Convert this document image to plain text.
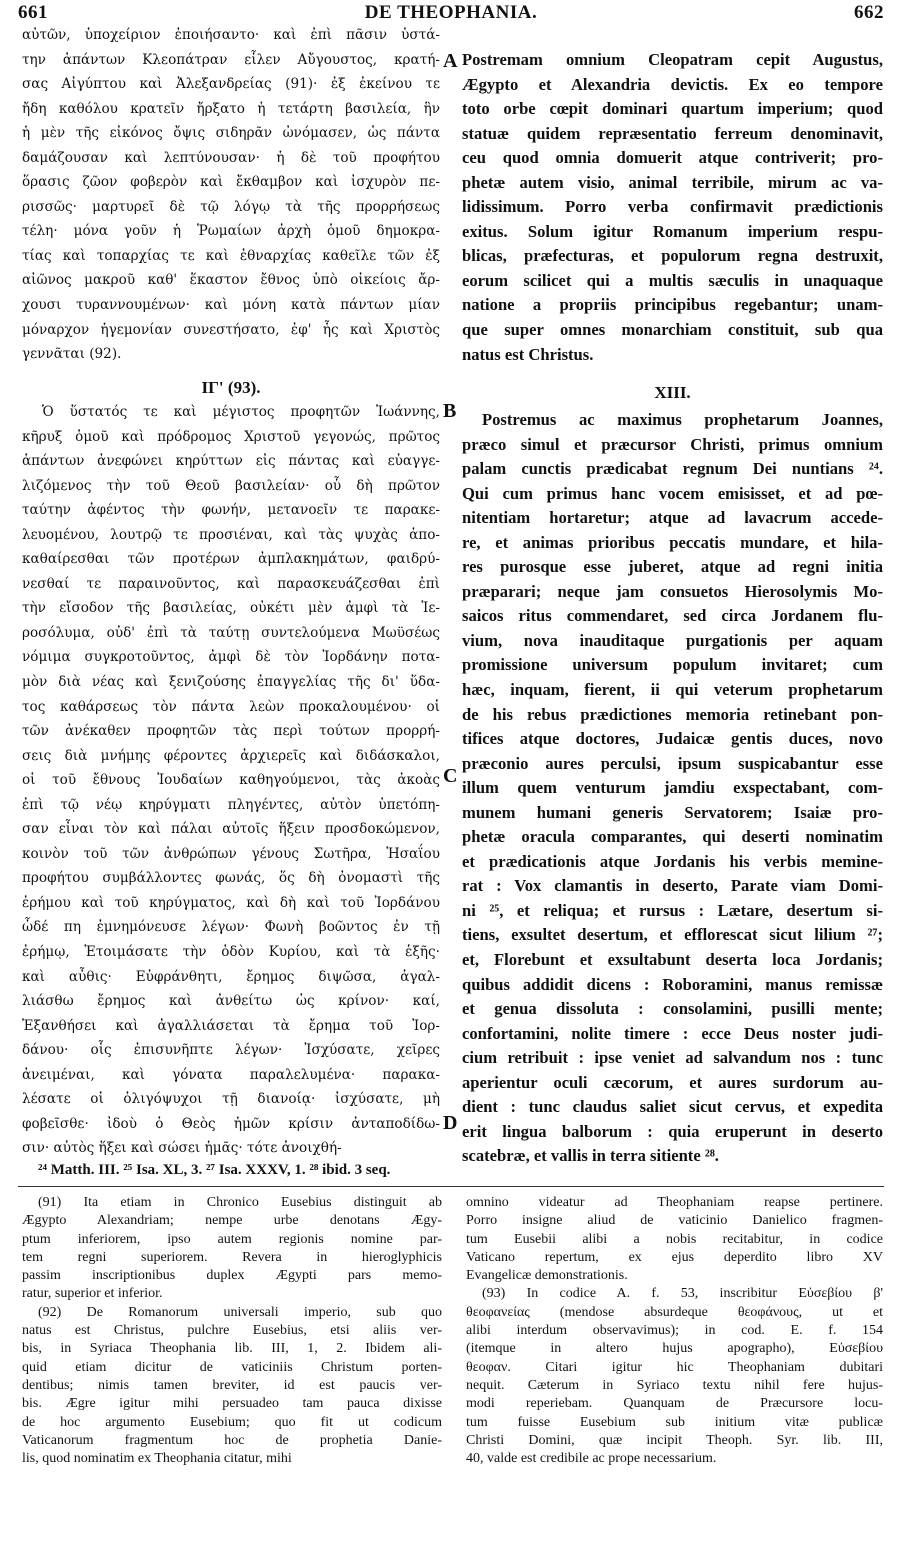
661	DE THEOPHANIA.	662
αὐτῶν, ὑποχείριον ἐποιήσαντο· καὶ ἐπὶ πᾶσιν ὑστά-
την ἁπάντων Κλεοπάτραν εἷλεν Αὔγουστος, κρατή-
σας Αἰγύπτου καὶ Ἀλεξανδρείας (91)· ἐξ ἐκείνου τε
ἤδη καθόλου κρατεῖν ἤρξατο ἡ τετάρτη βασιλεία, ἣν
ἡ μὲν τῆς εἰκόνος ὄψις σιδηρᾶν ὠνόμασεν, ὡς πάντα
δαμάζουσαν καὶ λεπτύνουσαν· ἡ δὲ τοῦ προφήτου
ὅρασις ζῶον φοβερὸν καὶ ἔκθαμβον καὶ ἰσχυρὸν πε-
ρισσῶς· μαρτυρεῖ δὲ τῷ λόγῳ τὰ τῆς προρρήσεως
τέλη· μόνα γοῦν ἡ Ῥωμαίων ἀρχὴ ὁμοῦ δημοκρα-
τίας καὶ τοπαρχίας τε καὶ ἐθναρχίας καθεῖλε τῶν ἐξ
αἰῶνος μακροῦ καθ' ἕκαστον ἔθνος ὑπὸ οἰκείοις ἄρ-
χουσι τυραννουμένων· καὶ μόνη κατὰ πάντων μίαν
μόναρχον ἡγεμονίαν συνεστήσατο, ἐφ' ἧς καὶ Χριστὸς
γεννᾶται (92).
IΓ' (93).
Ὁ ὕστατός τε καὶ μέγιστος προφητῶν Ἰωάννης,
κῆρυξ ὁμοῦ καὶ πρόδρομος Χριστοῦ γεγονώς, πρῶτος
ἁπάντων ἀνεφώνει κηρύττων εἰς πάντας καὶ εὐαγγε-
λιζόμενος τὴν τοῦ Θεοῦ βασιλείαν· οὗ δὴ πρῶτον
ταύτην ἀφέντος τὴν φωνήν, μετανοεῖν τε παρακε-
λευομένου, λουτρῷ τε προσιέναι, καὶ τὰς ψυχὰς ἀπο-
καθαίρεσθαι τῶν προτέρων ἀμπλακημάτων, φαιδρύ-
νεσθαί τε παραινοῦντος, καὶ παρασκευάζεσθαι ἐπὶ
τὴν εἴσοδον τῆς βασιλείας, οὐκέτι μὲν ἀμφὶ τὰ Ἱε-
ροσόλυμα, οὐδ' ἐπὶ τὰ ταύτῃ συντελούμενα Μωϋσέως
νόμιμα συγκροτοῦντος, ἀμφὶ δὲ τὸν Ἰορδάνην ποτα-
μὸν διὰ νέας καὶ ξενιζούσης ἐπαγγελίας τῆς δι' ὕδα-
τος καθάρσεως τὸν πάντα λεὼν προκαλουμένου· οἱ
τῶν ἀνέκαθεν προφητῶν τὰς περὶ τούτων προρρή-
σεις διὰ μνήμης φέροντες ἀρχιερεῖς καὶ διδάσκαλοι,
οἱ τοῦ ἔθνους Ἰουδαίων καθηγούμενοι, τὰς ἀκοὰς
ἐπὶ τῷ νέῳ κηρύγματι πληγέντες, αὐτὸν ὑπετόπη-
σαν εἶναι τὸν καὶ πάλαι αὐτοῖς ἥξειν προσδοκώμενον,
κοινὸν τοῦ τῶν ἀνθρώπων γένους Σωτῆρα, Ἡσαΐου
προφήτου συμβάλλοντες φωνάς, ὅς δὴ ὀνομαστὶ τῆς
ἐρήμου καὶ τοῦ κηρύγματος, καὶ δὴ καὶ τοῦ Ἰορδάνου
ὧδέ πη ἐμνημόνευσε λέγων· Φωνὴ βοῶντος ἐν τῇ
ἐρήμῳ, Ἑτοιμάσατε τὴν ὁδὸν Κυρίου, καὶ τὰ ἑξῆς·
καὶ αὖθις· Εὐφράνθητι, ἔρημος διψῶσα, ἀγαλ-
λιάσθω ἔρημος καὶ ἀνθείτω ὡς κρίνον· καί,
Ἐξανθήσει καὶ ἀγαλλιάσεται τὰ ἔρημα τοῦ Ἰορ-
δάνου· οἷς ἐπισυνῆπτε λέγων· Ἰσχύσατε, χεῖρες
ἀνειμέναι, καὶ γόνατα παραλελυμένα· παρακα-
λέσατε οἱ ὀλιγόψυχοι τῇ διανοίᾳ· ἰσχύσατε, μὴ
φοβεῖσθε· ἰδοὺ ὁ Θεὸς ἡμῶν κρίσιν ἀνταποδίδω-
σιν· αὐτὸς ἥξει καὶ σώσει ἡμᾶς· τότε ἀνοιχθή-
Postremam omnium Cleopatram cepit Augustus,
Ægypto et Alexandria devictis. Ex eo tempore
toto orbe cœpit dominari quartum imperium; quod
statuæ quidem repræsentatio ferreum denominavit,
ceu quod omnia domuerit atque contriverit; pro-
phetæ autem visio, animal terribile, mirum ac va-
lidissimum. Porro verba confirmavit prædictionis
exitus. Solum igitur Romanum imperium respu-
blicas, præfecturas, et populorum regna destruxit,
eorum scilicet qui a multis sæculis in unaquaque
natione a propriis principibus regebantur; unam-
que super omnes monarchiam constituit, sub qua
natus est Christus.
XIII.
Postremus ac maximus prophetarum Joannes,
præco simul et præcursor Christi, primus omnium
palam cunctis prædicabat regnum Dei nuntians ²⁴.
Qui cum primus hanc vocem emisisset, et ad pœ-
nitentiam hortaretur; atque ad lavacrum accede-
re, et animas prioribus peccatis mundare, et hila-
res purosque esse juberet, atque ad regni initia
præparari; neque jam consuetos Hierosolymis Mo-
saicos ritus commendaret, sed circa Jordanem flu-
vium, nova inauditaque purgationis per aquam
promissione universum populum invitaret; cum
hæc, inquam, fierent, ii qui veterum prophetarum
de his rebus prædictiones memoria retinebant pon-
tifices atque doctores, Judaicæ gentis duces, novo
præconio aures perculsi, ipsum suspicabantur esse
illum quem venturum jamdiu exspectabant, com-
munem humani generis Servatorem; Isaiæ pro-
phetæ oracula comparantes, qui deserti nominatim
et prædicationis atque Jordanis his verbis memine-
rat : Vox clamantis in deserto, Parate viam Domi-
ni ²⁵, et reliqua; et rursus : Lætare, desertum si-
tiens, exsultet desertum, et efflorescat sicut lilium ²⁷;
et, Florebunt et exsultabunt deserta loca Jordanis;
quibus addidit dicens : Roboramini, manus remissæ
et genua dissoluta : consolamini, pusilli mente;
confortamini, nolite timere : ecce Deus noster judi-
cium retribuit : ipse veniet ad salvandum nos : tunc
aperientur oculi cæcorum, et aures surdorum au-
dient : tunc claudus saliet sicut cervus, et expedita
erit lingua balborum : quia eruperunt in deserto
scatebræ, et vallis in terra sitiente ²⁸.
A
B
C
D
²⁴ Matth. III. ²⁵ Isa. XL, 3. ²⁷ Isa. XXXV, 1. ²⁸ ibid. 3 seq.
(91) Ita etiam in Chronico Eusebius distinguit ab
Ægypto Alexandriam; nempe urbe denotans Ægy-
ptum inferiorem, ipso autem regionis nomine par-
tem regni superiorem. Revera in hieroglyphicis
passim inscriptionibus duplex Ægypti pars memo-
ratur, superior et inferior.
(92) De Romanorum universali imperio, sub quo
natus est Christus, pulchre Eusebius, etsi aliis ver-
bis, in Syriaca Theophania lib. III, 1, 2. Ibidem ali-
quid etiam dicitur de vaticiniis Christum porten-
dentibus; nimis tamen breviter, id est paucis ver-
bis. Ægre igitur mihi persuadeo tam pauca dixisse
de hoc argumento Eusebium; quo fit ut codicum
Vaticanorum fragmentum hoc de prophetia Danie-
lis, quod nominatim ex Theophania citatur, mihi
omnino videatur ad Theophaniam reapse pertinere.
Porro insigne aliud de vaticinio Danielico fragmen-
tum Eusebii alibi a nobis recitabitur, in codice
Vaticano repertum, ex ejus deperdito libro XV
Evangelicæ demonstrationis.
(93) In codice A. f. 53, inscribitur Εὐσεβίου β'
θεοφανείας (mendose absurdeque θεοφάνους, ut et
alibi interdum observavimus); in cod. E. f. 154
(itemque in altero hujus apographo), Εὐσεβίου
θεοφαν. Citari igitur hic Theophaniam dubitari
nequit. Cæterum in Syriaco textu nihil fere hujus-
modi reperiebam. Quanquam de Præcursore locu-
tum fuisse Eusebium sub initium vitæ publicæ
Christi Domini, quæ incipit Theoph. Syr. lib. III,
40, valde est credibile ac prope necessarium.
